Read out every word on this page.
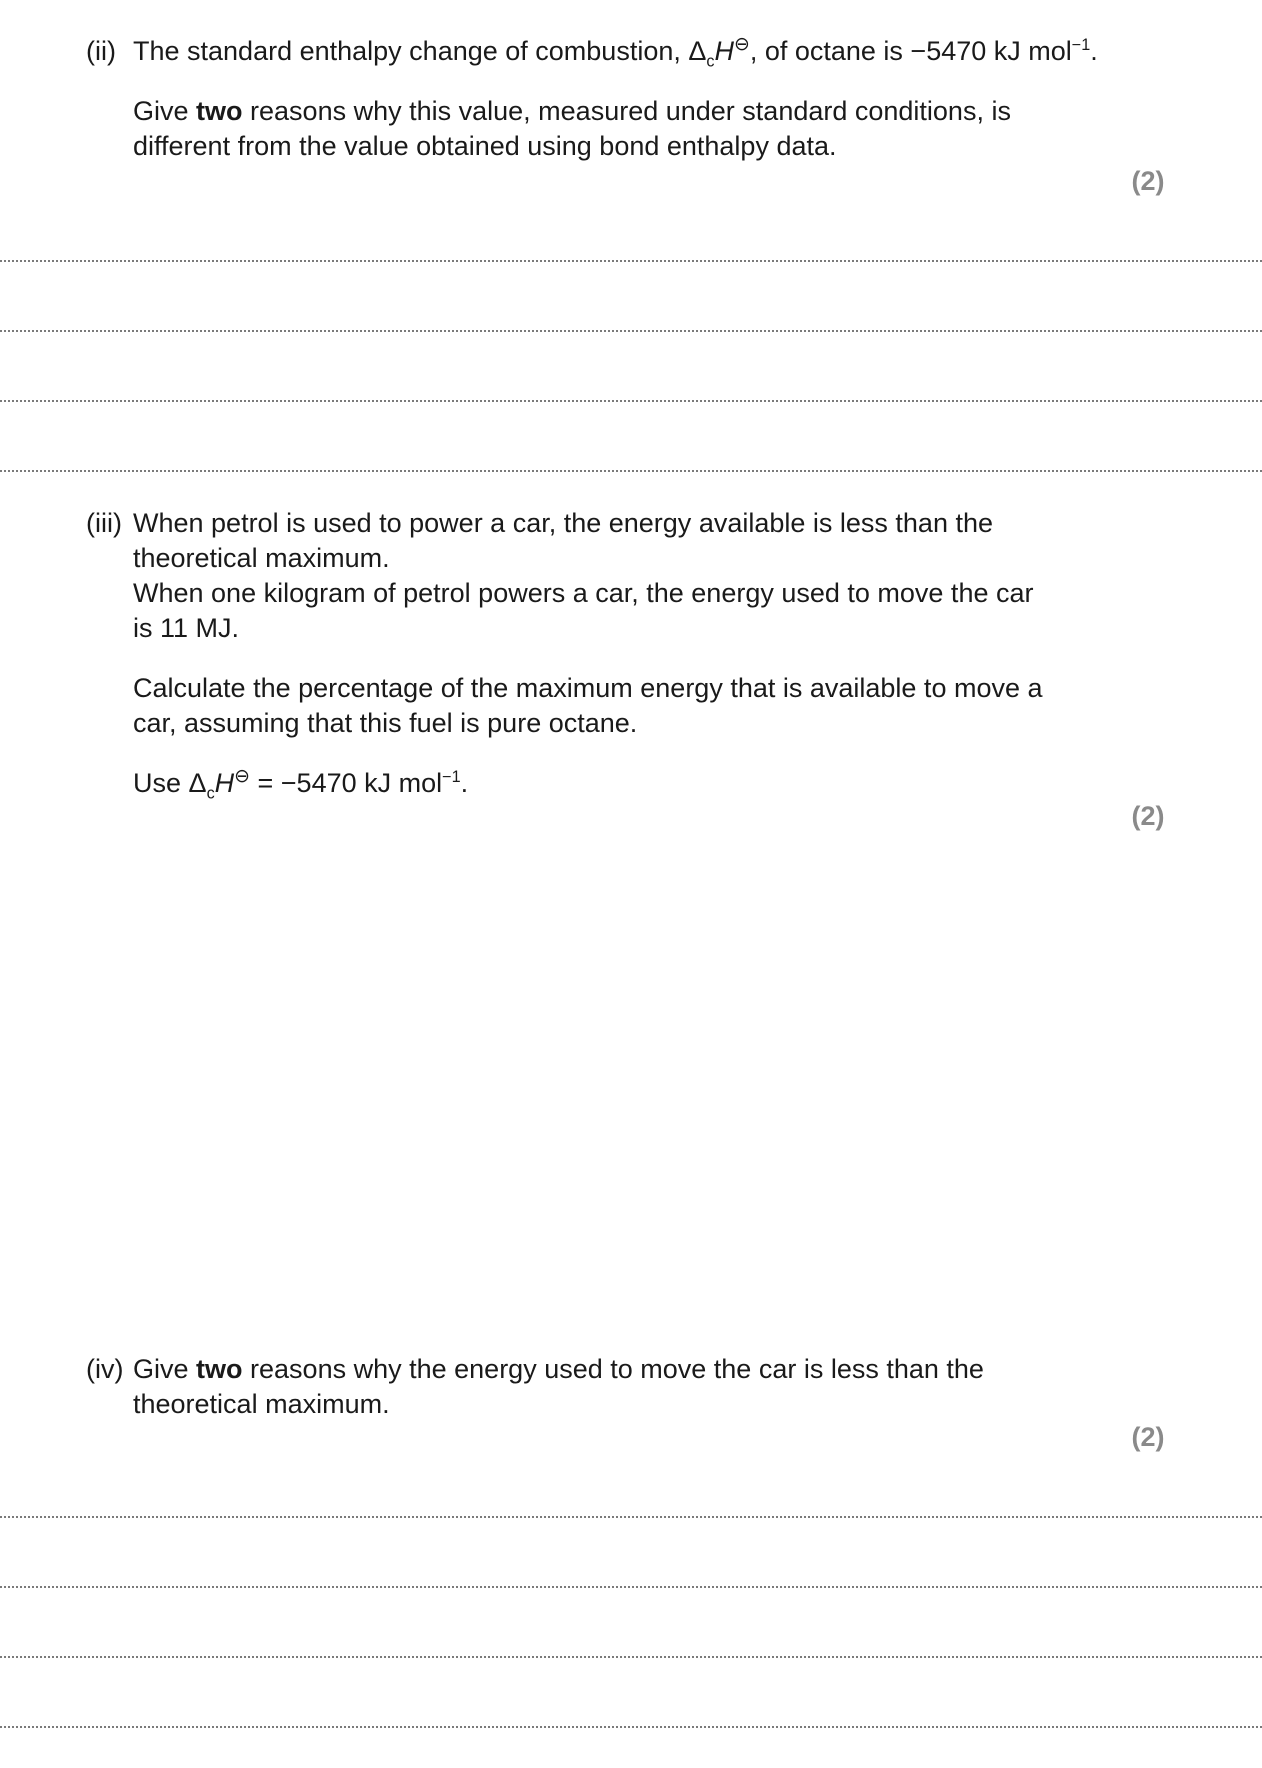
(ii) The standard enthalpy change of combustion, $\Delta_cH^⊖$, of octane is −5470 kJ mol$^{-1}$.

Give two reasons why this value, measured under standard conditions, is
different from the value obtained using bond enthalpy data.

(2)
(iii) When petrol is used to power a car, the energy available is less than the
theoretical maximum.
When one kilogram of petrol powers a car, the energy used to move the car
is 11 MJ.

Calculate the percentage of the maximum energy that is available to move a
car, assuming that this fuel is pure octane.

Use $\Delta_cH^⊖ = -5470$ kJ mol$^{-1}$.

(2)
(iv) Give two reasons why the energy used to move the car is less than the
theoretical maximum.

(2)
